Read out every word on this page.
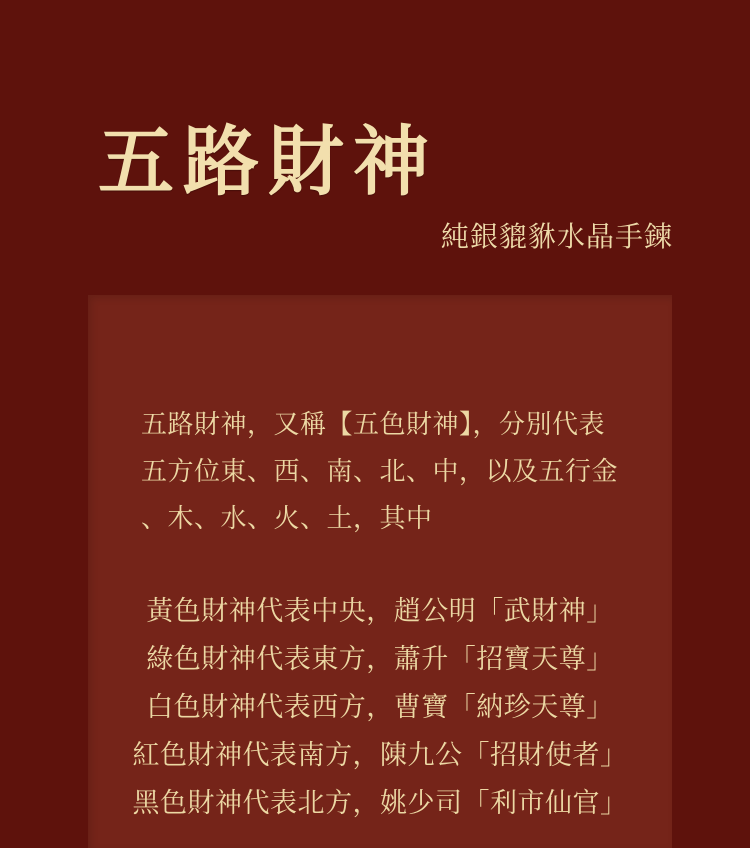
五路財神
純銀貔貅水晶手鍊
五路財神，又稱【五色財神】，分別代表
五方位東、西、南、北、中，以及五行金
、木、水、火、土，其中
黃色財神代表中央，趙公明「武財神」
綠色財神代表東方，蕭升「招寶天尊」
白色財神代表西方，曹寶「納珍天尊」
紅色財神代表南方，陳九公「招財使者」
黑色財神代表北方，姚少司「利市仙官」
